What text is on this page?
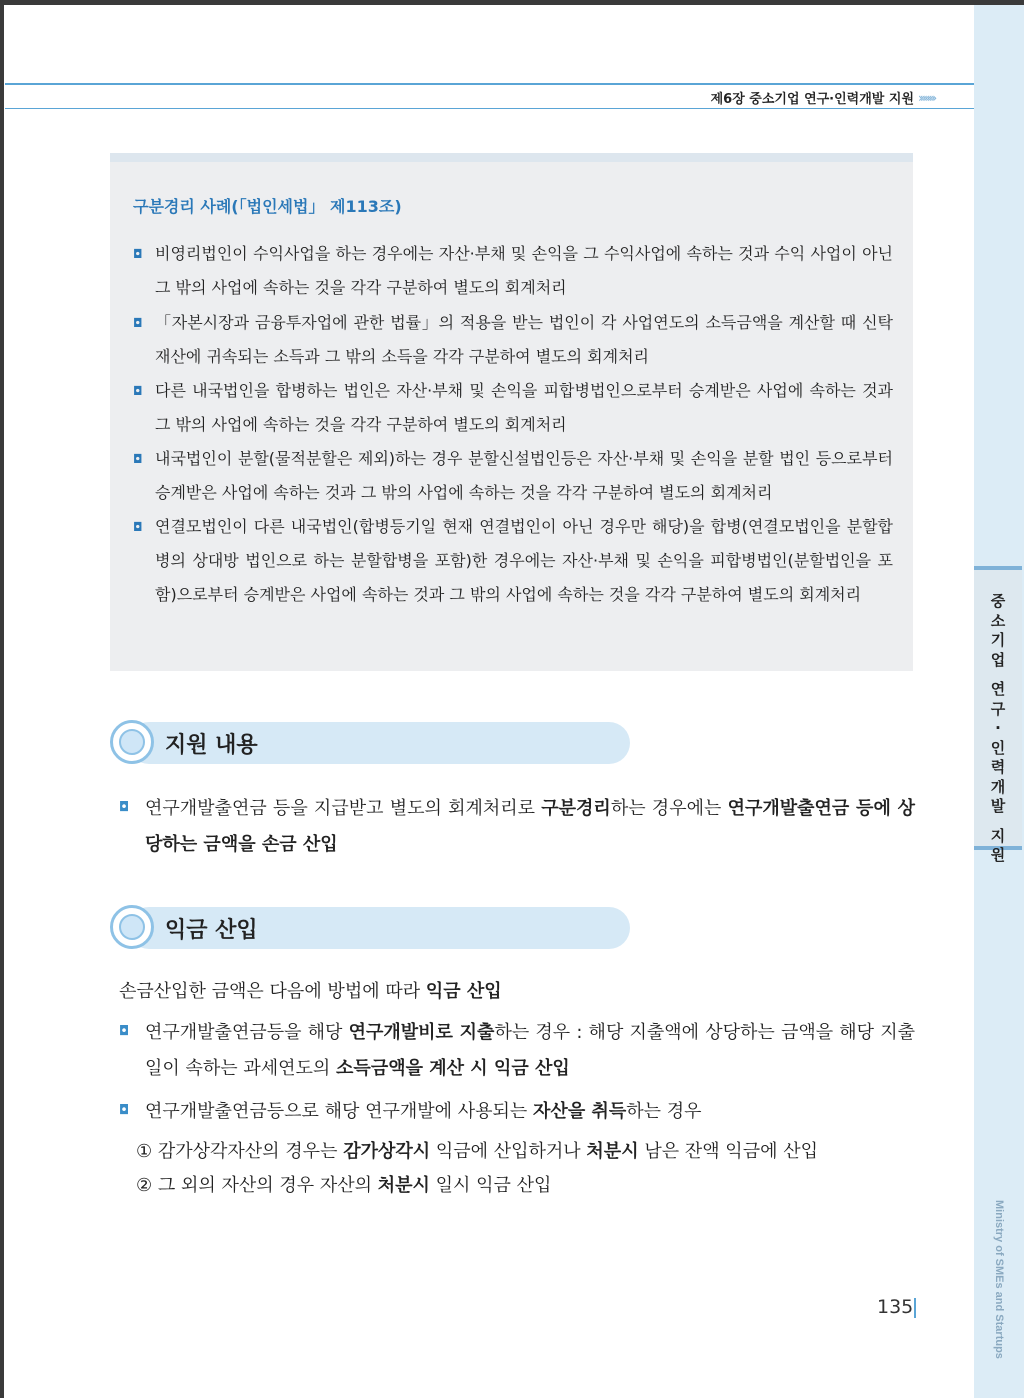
중
소
기
업
연
구
·
인
력
개
발
지
원
Ministry of SMEs and Startups
제6장 중소기업 연구·인력개발 지원 ›››››››››
구분경리 사례(「법인세법」 제113조)
◘ 비영리법인이 수익사업을 하는 경우에는 자산·부채 및 손익을 그 수익사업에 속하는 것과 수익 사업이 아닌 그 밖의 사업에 속하는 것을 각각 구분하여 별도의 회계처리
◘ 「자본시장과 금융투자업에 관한 법률」의 적용을 받는 법인이 각 사업연도의 소득금액을 계산할 때 신탁재산에 귀속되는 소득과 그 밖의 소득을 각각 구분하여 별도의 회계처리
◘ 다른 내국법인을 합병하는 법인은 자산·부채 및 손익을 피합병법인으로부터 승계받은 사업에 속하는 것과 그 밖의 사업에 속하는 것을 각각 구분하여 별도의 회계처리
◘ 내국법인이 분할(물적분할은 제외)하는 경우 분할신설법인등은 자산·부채 및 손익을 분할 법인 등으로부터 승계받은 사업에 속하는 것과 그 밖의 사업에 속하는 것을 각각 구분하여 별도의 회계처리
◘ 연결모법인이 다른 내국법인(합병등기일 현재 연결법인이 아닌 경우만 해당)을 합병(연결모법인을 분할합병의 상대방 법인으로 하는 분할합병을 포함)한 경우에는 자산·부채 및 손익을 피합병법인(분할법인을 포함)으로부터 승계받은 사업에 속하는 것과 그 밖의 사업에 속하는 것을 각각 구분하여 별도의 회계처리
지원 내용
◘ 연구개발출연금 등을 지급받고 별도의 회계처리로 구분경리하는 경우에는 연구개발출연금 등에 상당하는 금액을 손금 산입
익금 산입
손금산입한 금액은 다음에 방법에 따라 익금 산입
◘ 연구개발출연금등을 해당 연구개발비로 지출하는 경우 : 해당 지출액에 상당하는 금액을 해당 지출일이 속하는 과세연도의 소득금액을 계산 시 익금 산입
◘ 연구개발출연금등으로 해당 연구개발에 사용되는 자산을 취득하는 경우
① 감가상각자산의 경우는 감가상각시 익금에 산입하거나 처분시 남은 잔액 익금에 산입
② 그 외의 자산의 경우 자산의 처분시 일시 익금 산입
135
